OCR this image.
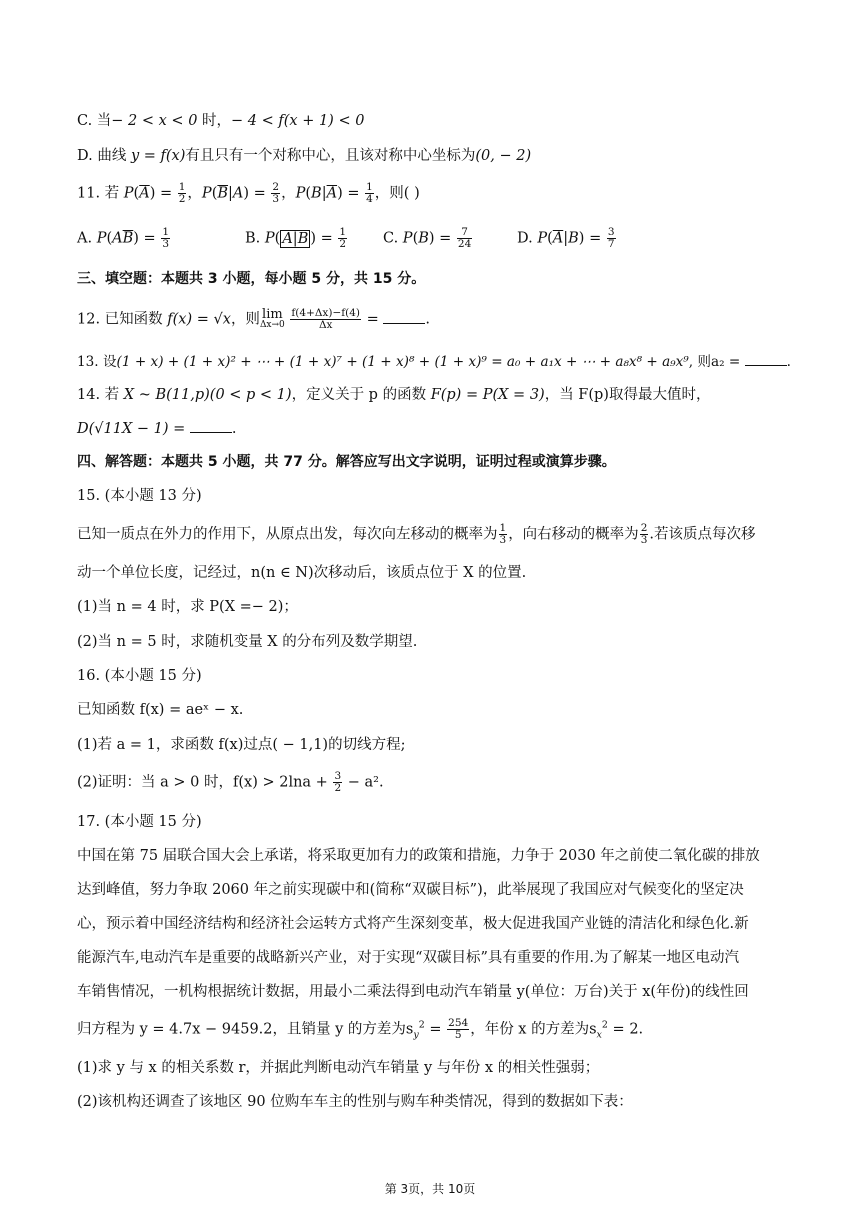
C. 当− 2 < x < 0 时，− 4 < f(x + 1) < 0
D. 曲线 y = f(x)有且只有一个对称中心，且该对称中心坐标为(0, − 2)
11. 若 $P(\overline{A}) = \frac{1}{2}$ ，$P(\overline{B}|A) = \frac{2}{3}$ ，$P(B|\overline{A}) = \frac{1}{4}$ ，则( )
A. $P(A\overline{B}) = \frac{1}{3}$	B. P( $A|\overline{B}$ ) = $\frac{1}{2} C$. $P(B) = \frac{7}{24}$	D. $P(\overline{A}|B) = \frac{3}{7}$
三、填空题：本题共 3 小题，每小题 5 分，共 15 分。
12. 已知函数 f(x) = √x，则 lim
Δx→0
$\frac{f(4+\Delta x)-f(4)}{\Delta x}$ =	.
13. 设(1 + x) + (1 + x)² + ⋯ + (1 + x)⁷ + (1 + x)⁸ + (1 + x)⁹ = a₀ + a₁x + ⋯ + a₈x⁸ + a₉x⁹, 则a₂ =	.
14. 若 X ~ B(11,p)(0 < p < 1)，定义关于 p 的函数 F(p) = P(X = 3)，当 F(p)取得最大值时，
D(√11X − 1) =	.
四、解答题：本题共 5 小题，共 77 分。解答应写出文字说明，证明过程或演算步骤。
15. (本小题 13 分)
已知一质点在外力的作用下，从原点出发，每次向左移动的概率为 $\frac{1}{3}$ ，向右移动的概率为 $\frac{2}{3}$ .若该质点每次移
动一个单位长度，记经过，n(n ∈ N)次移动后，该质点位于 X 的位置.
(1)当 n = 4 时，求 P(X =− 2)；
(2)当 n = 5 时，求随机变量 X 的分布列及数学期望.
16. (本小题 15 分)
已知函数 f(x) = aeˣ − x.
(1)若 a = 1，求函数 f(x)过点( − 1,1)的切线方程;
(2)证明：当 a > 0 时，$f(x) > 2\ln a + \frac{3}{2} - a^2$.
17. (本小题 15 分)
中国在第 75 届联合国大会上承诺，将采取更加有力的政策和措施，力争于 2030 年之前使二氧化碳的排放
达到峰值，努力争取 2060 年之前实现碳中和(简称“双碳目标”)，此举展现了我国应对气候变化的坚定决
心，预示着中国经济结构和经济社会运转方式将产生深刻变革，极大促进我国产业链的清洁化和绿色化.新
能源汽车,电动汽车是重要的战略新兴产业，对于实现“双碳目标”具有重要的作用.为了解某一地区电动汽
车销售情况，一机构根据统计数据，用最小二乘法得到电动汽车销量 y(单位：万台)关于 x(年份)的线性回
归方程为 y = 4.7x − 9459.2，且销量 y 的方差为$s_y^2 = \frac{254}{5}$ ，年份 x 的方差为$s_x^2 = 2$.
(1)求 y 与 x 的相关系数 r，并据此判断电动汽车销量 y 与年份 x 的相关性强弱；
(2)该机构还调查了该地区 90 位购车车主的性别与购车种类情况，得到的数据如下表：
第 3页，共 10页
